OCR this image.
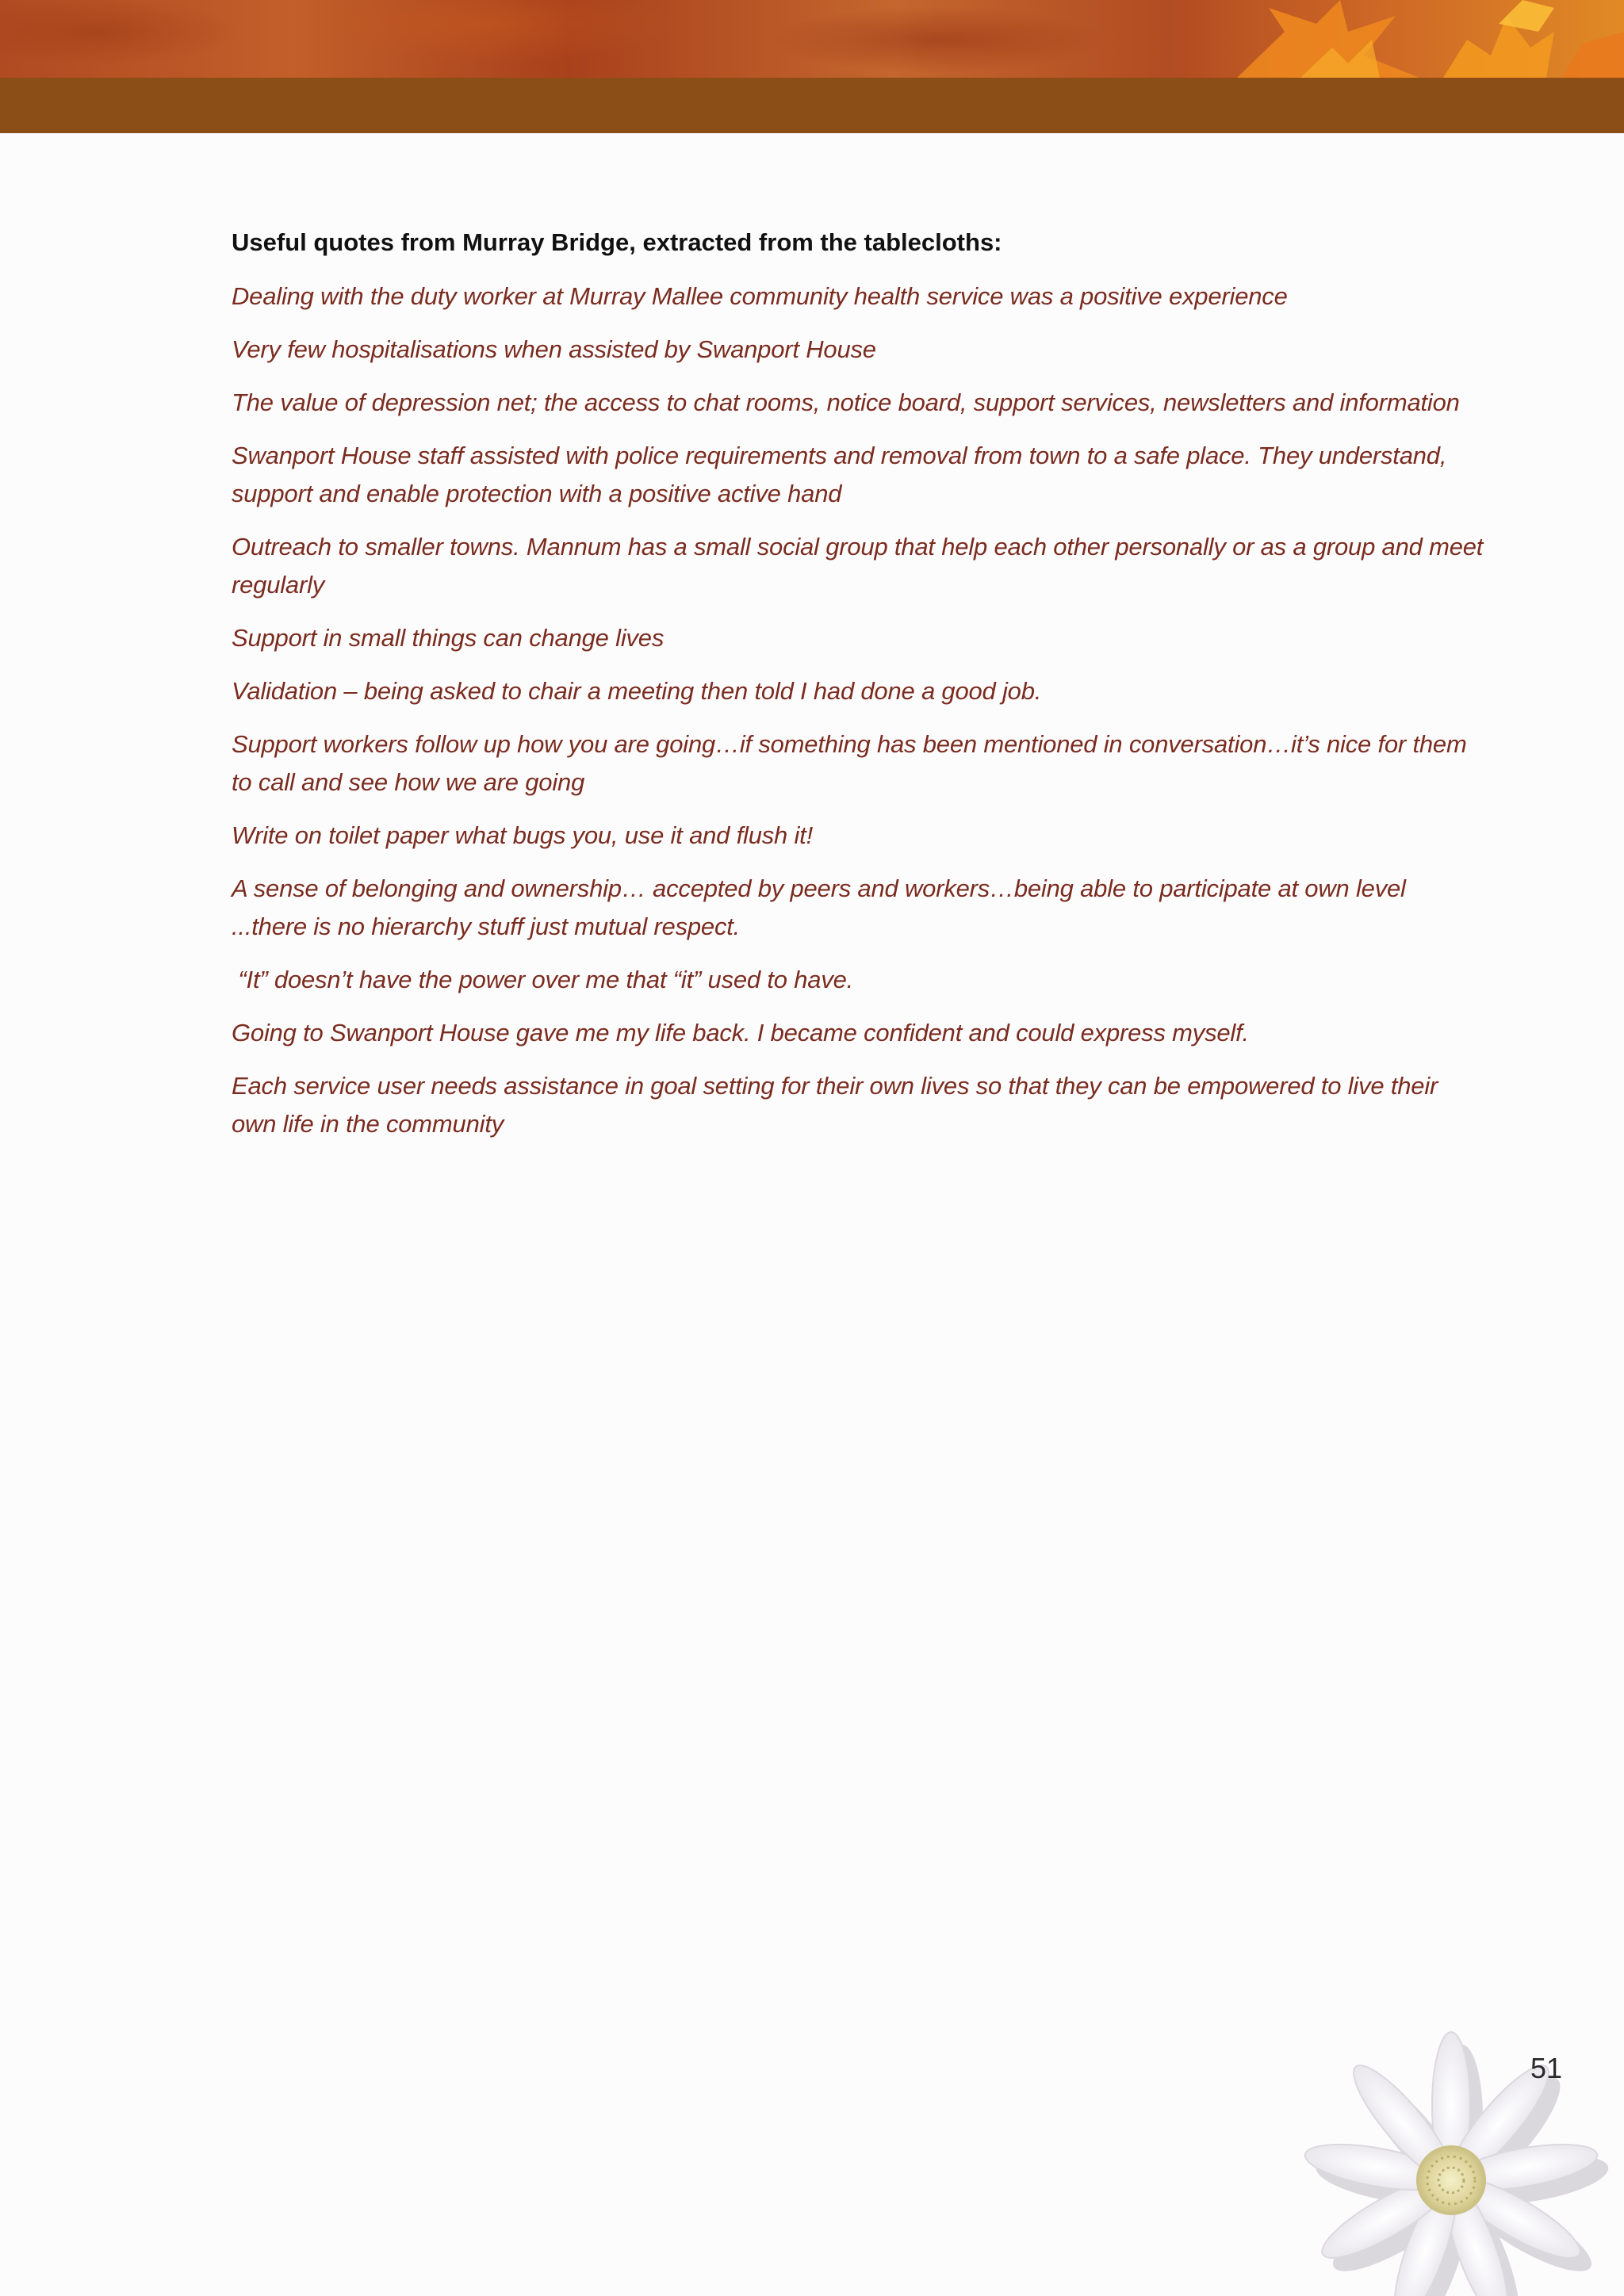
Useful quotes from Murray Bridge, extracted from the tablecloths:

Dealing with the duty worker at Murray Mallee community health service was a positive experience

Very few hospitalisations when assisted by Swanport House

The value of depression net; the access to chat rooms, notice board, support services, newsletters and information

Swanport House staff assisted with police requirements and removal from town to a safe place. They understand, support and enable protection with a positive active hand

Outreach to smaller towns. Mannum has a small social group that help each other personally or as a group and meet regularly

Support in small things can change lives

Validation – being asked to chair a meeting then told I had done a good job.

Support workers follow up how you are going…if something has been mentioned in conversation…it’s nice for them to call and see how we are going

Write on toilet paper what bugs you, use it and flush it!

A sense of belonging and ownership… accepted by peers and workers…being able to participate at own level ...there is no hierarchy stuff just mutual respect.

“It” doesn’t have the power over me that “it” used to have.

Going to Swanport House gave me my life back. I became confident and could express myself.

Each service user needs assistance in goal setting for their own lives so that they can be empowered to live their own life in the community

51
